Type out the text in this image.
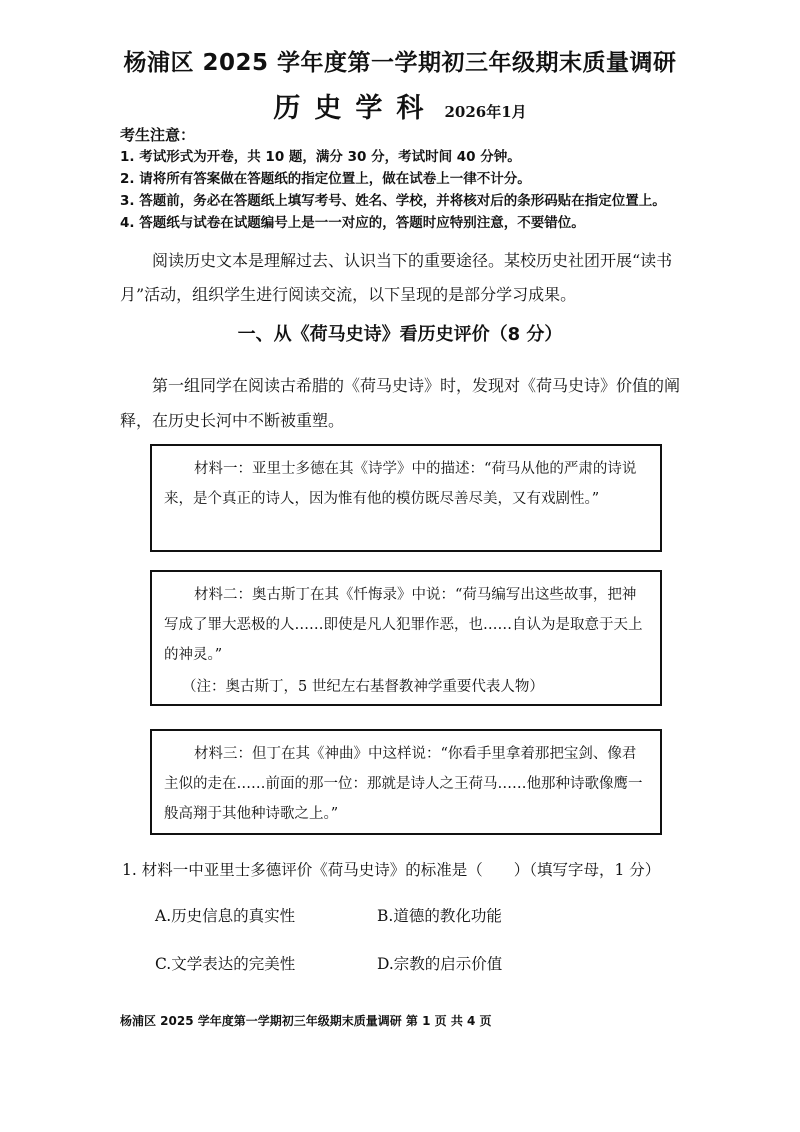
杨浦区 2025 学年度第一学期初三年级期末质量调研
历史学科 2026年1月
考生注意：
1. 考试形式为开卷，共 10 题，满分 30 分，考试时间 40 分钟。
2. 请将所有答案做在答题纸的指定位置上，做在试卷上一律不计分。
3. 答题前，务必在答题纸上填写考号、姓名、学校，并将核对后的条形码贴在指定位置上。
4. 答题纸与试卷在试题编号上是一一对应的，答题时应特别注意，不要错位。
阅读历史文本是理解过去、认识当下的重要途径。某校历史社团开展“读书月”活动，组织学生进行阅读交流，以下呈现的是部分学习成果。
一、从《荷马史诗》看历史评价（8 分）
第一组同学在阅读古希腊的《荷马史诗》时，发现对《荷马史诗》价值的阐释，在历史长河中不断被重塑。

材料一：亚里士多德在其《诗学》中的描述：“荷马从他的严肃的诗说来，是个真正的诗人，因为惟有他的模仿既尽善尽美，又有戏剧性。”

材料二：奥古斯丁在其《忏悔录》中说：“荷马编写出这些故事，把神写成了罪大恶极的人……即使是凡人犯罪作恶，也……自认为是取意于天上的神灵。”

（注：奥古斯丁，5 世纪左右基督教神学重要代表人物）

材料三：但丁在其《神曲》中这样说：“你看手里拿着那把宝剑、像君主似的走在……前面的那一位：那就是诗人之王荷马……他那种诗歌像鹰一般高翔于其他种诗歌之上。”

1. 材料一中亚里士多德评价《荷马史诗》的标准是（　　）（填写字母，1 分）
A.历史信息的真实性	B.道德的教化功能
C.文学表达的完美性	D.宗教的启示价值
杨浦区 2025 学年度第一学期初三年级期末质量调研 第 1 页 共 4 页
